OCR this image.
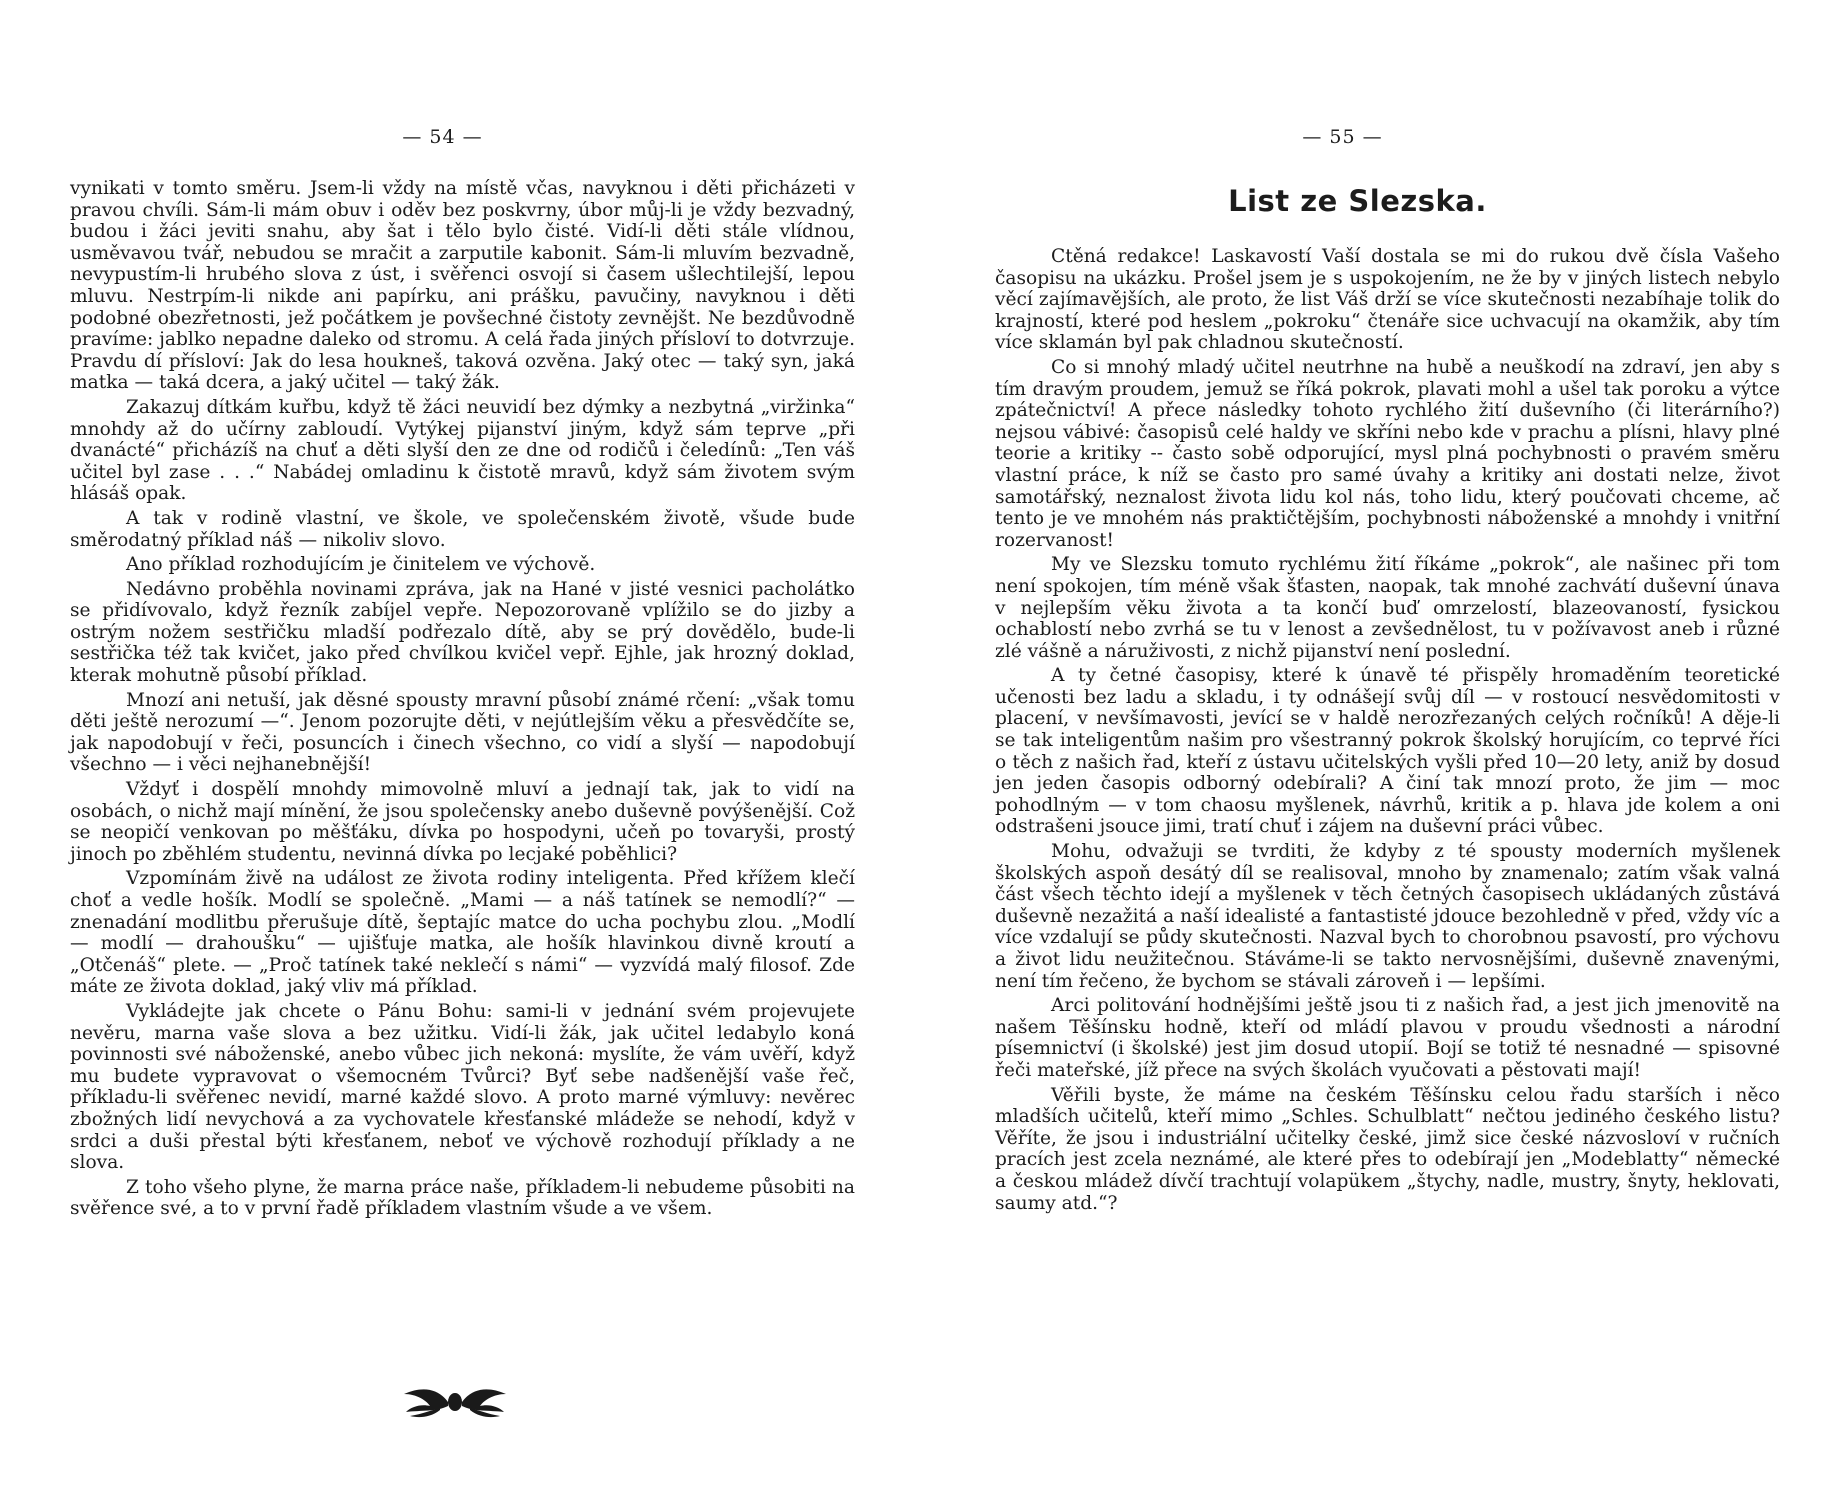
— 54 —

vynikati v tomto směru. Jsem-li vždy na místě včas, navyknou i děti přicházeti v pravou chvíli. Sám-li mám obuv i oděv bez poskvrny, úbor můj-li je vždy bezvadný, budou i žáci jeviti snahu, aby šat i tělo bylo čisté. Vidí-li děti stále vlídnou, usměvavou tvář, nebudou se mračit a zarputile kabonit. Sám-li mluvím bezvadně, nevypustím-li hrubého slova z úst, i svěřenci osvojí si časem ušlechtilejší, lepou mluvu. Nestrpím-li nikde ani papírku, ani prášku, pavučiny, navyknou i děti podobné obezřetnosti, jež počátkem je povšechné čistoty zevnějšt. Ne bezdůvodně pravíme: jablko nepadne daleko od stromu. A celá řada jiných přísloví to dotvrzuje. Pravdu dí přísloví: Jak do lesa houkneš, taková ozvěna. Jaký otec — taký syn, jaká matka — taká dcera, a jaký učitel — taký žák.

Zakazuj dítkám kuřbu, když tě žáci neuvidí bez dýmky a nezbytná „viržinka“ mnohdy až do učírny zabloudí. Vytýkej pijanství jiným, když sám teprve „při dvanácté“ přicházíš na chuť a děti slyší den ze dne od rodičů i čeledínů: „Ten váš učitel byl zase . . .“ Nabádej omladinu k čistotě mravů, když sám životem svým hlásáš opak.

A tak v rodině vlastní, ve škole, ve společenském životě, všude bude směrodatný příklad náš — nikoliv slovo.

Ano příklad rozhodujícím je činitelem ve výchově.

Nedávno proběhla novinami zpráva, jak na Hané v jisté vesnici pacholátko se přidívovalo, když řezník zabíjel vepře. Nepozorovaně vplížilo se do jizby a ostrým nožem sestřičku mladší podřezalo dítě, aby se prý dovědělo, bude-li sestřička též tak kvičet, jako před chvílkou kvičel vepř. Ejhle, jak hrozný doklad, kterak mohutně působí příklad.

Mnozí ani netuší, jak děsné spousty mravní působí známé rčení: „však tomu děti ještě nerozumí —“. Jenom pozorujte děti, v nejútlejším věku a přesvědčíte se, jak napodobují v řeči, posuncích i činech všechno, co vidí a slyší — napodobují všechno — i věci nejhanebnější!

Vždyť i dospělí mnohdy mimovolně mluví a jednají tak, jak to vidí na osobách, o nichž mají mínění, že jsou společensky anebo duševně povýšenější. Což se neopičí venkovan po měšťáku, dívka po hospodyni, učeň po tovaryši, prostý jinoch po zběhlém studentu, nevinná dívka po lecjaké poběhlici?

Vzpomínám živě na událost ze života rodiny inteligenta. Před křížem klečí choť a vedle hošík. Modlí se společně. „Mami — a náš tatínek se nemodlí?“ — znenadání modlitbu přerušuje dítě, šeptajíc matce do ucha pochybu zlou. „Modlí — modlí — drahoušku“ — ujišťuje matka, ale hošík hlavinkou divně kroutí a „Otčenáš“ plete. — „Proč tatínek také neklečí s námi“ — vyzvídá malý filosof. Zde máte ze života doklad, jaký vliv má příklad.

Vykládejte jak chcete o Pánu Bohu: sami-li v jednání svém projevujete nevěru, marna vaše slova a bez užitku. Vidí-li žák, jak učitel ledabylo koná povinnosti své náboženské, anebo vůbec jich nekoná: myslíte, že vám uvěří, když mu budete vypravovat o všemocném Tvůrci? Byť sebe nadšenější vaše řeč, příkladu-li svěřenec nevidí, marné každé slovo. A proto marné výmluvy: nevěrec zbožných lidí nevychová a za vychovatele křesťanské mládeže se nehodí, když v srdci a duši přestal býti křesťanem, neboť ve výchově rozhodují příklady a ne slova.

Z toho všeho plyne, že marna práce naše, příkladem-li nebudeme působiti na svěřence své, a to v první řadě příkladem vlastním všude a ve všem.

— 55 —
List ze Slezska.

Ctěná redakce! Laskavostí Vaší dostala se mi do rukou dvě čísla Vašeho časopisu na ukázku. Prošel jsem je s uspokojením, ne že by v jiných listech nebylo věcí zajímavějších, ale proto, že list Váš drží se více skutečnosti nezabíhaje tolik do krajností, které pod heslem „pokroku“ čtenáře sice uchvacují na okamžik, aby tím více sklamán byl pak chladnou skutečností.

Co si mnohý mladý učitel neutrhne na hubě a neuškodí na zdraví, jen aby s tím dravým proudem, jemuž se říká pokrok, plavati mohl a ušel tak poroku a výtce zpátečnictví! A přece následky tohoto rychlého žití duševního (či literárního?) nejsou vábivé: časopisů celé haldy ve skříni nebo kde v prachu a plísni, hlavy plné teorie a kritiky -- často sobě odporující, mysl plná pochybnosti o pravém směru vlastní práce, k níž se často pro samé úvahy a kritiky ani dostati nelze, život samotářský, neznalost života lidu kol nás, toho lidu, který poučovati chceme, ač tento je ve mnohém nás praktičtějším, pochybnosti náboženské a mnohdy i vnitřní rozervanost!

My ve Slezsku tomuto rychlému žití říkáme „pokrok“, ale našinec při tom není spokojen, tím méně však šťasten, naopak, tak mnohé zachvátí duševní únava v nejlepším věku života a ta končí buď omrzelostí, blazeovaností, fysickou ochablostí nebo zvrhá se tu v lenost a zevšednělost, tu v požívavost aneb i různé zlé vášně a náruživosti, z nichž pijanství není poslední.

A ty četné časopisy, které k únavě té přispěly hromaděním teoretické učenosti bez ladu a skladu, i ty odnášejí svůj díl — v rostoucí nesvědomitosti v placení, v nevšímavosti, jevící se v haldě nerozřezaných celých ročníků! A děje-li se tak inteligentům našim pro všestranný pokrok školský horujícím, co teprvé říci o těch z našich řad, kteří z ústavu učitelských vyšli před 10—20 lety, aniž by dosud jen jeden časopis odborný odebírali? A činí tak mnozí proto, že jim — moc pohodlným — v tom chaosu myšlenek, návrhů, kritik a p. hlava jde kolem a oni odstrašeni jsouce jimi, tratí chuť i zájem na duševní práci vůbec.

Mohu, odvažuji se tvrditi, že kdyby z té spousty moderních myšlenek školských aspoň desátý díl se realisoval, mnoho by znamenalo; zatím však valná část všech těchto idejí a myšlenek v těch četných časopisech ukládaných zůstává duševně nezažitá a naší idealisté a fantastisté jdouce bezohledně v před, vždy víc a více vzdalují se půdy skutečnosti. Nazval bych to chorobnou psavostí, pro výchovu a život lidu neužitečnou. Stáváme-li se takto nervosnějšími, duševně znavenými, není tím řečeno, že bychom se stávali zároveň i — lepšími.

Arci politování hodnějšími ještě jsou ti z našich řad, a jest jich jmenovitě na našem Těšínsku hodně, kteří od mládí plavou v proudu všednosti a národní písemnictví (i školské) jest jim dosud utopií. Bojí se totiž té nesnadné — spisovné řeči mateřské, jíž přece na svých školách vyučovati a pěstovati mají!

Věřili byste, že máme na českém Těšínsku celou řadu starších i něco mladších učitelů, kteří mimo „Schles. Schulblatt“ nečtou jediného českého listu? Věříte, že jsou i industriální učitelky české, jimž sice české názvosloví v ručních pracích jest zcela neznámé, ale které přes to odebírají jen „Modeblatty“ německé a českou mládež dívčí trachtují volapükem „štychy, nadle, mustry, šnyty, heklovati, saumy atd.“?
